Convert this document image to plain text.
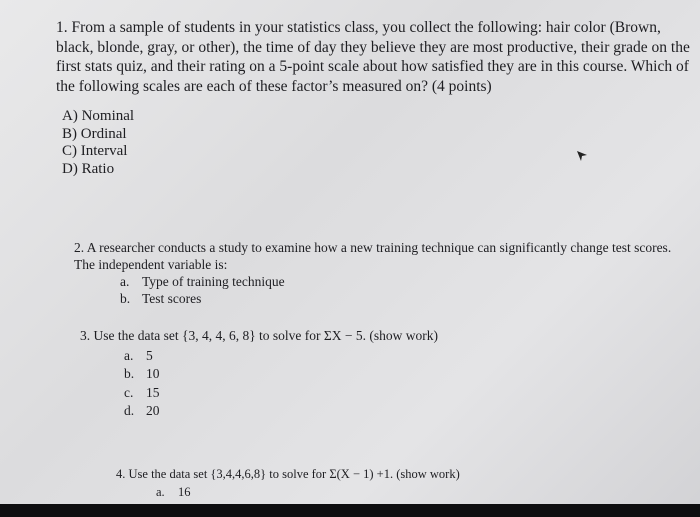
1. From a sample of students in your statistics class, you collect the following: hair color (Brown, black, blonde, gray, or other), the time of day they believe they are most productive, their grade on the first stats quiz, and their rating on a 5-point scale about how satisfied they are in this course. Which of the following scales are each of these factor’s measured on? (4 points)
A) Nominal
B) Ordinal
C) Interval
D) Ratio
2. A researcher conducts a study to examine how a new training technique can significantly change test scores. The independent variable is:
a. Type of training technique
b. Test scores
3. Use the data set {3, 4, 4, 6, 8} to solve for ΣX − 5. (show work)
a. 5
b. 10
c. 15
d. 20
4. Use the data set {3,4,4,6,8} to solve for Σ(X − 1) +1. (show work)
a. 16
